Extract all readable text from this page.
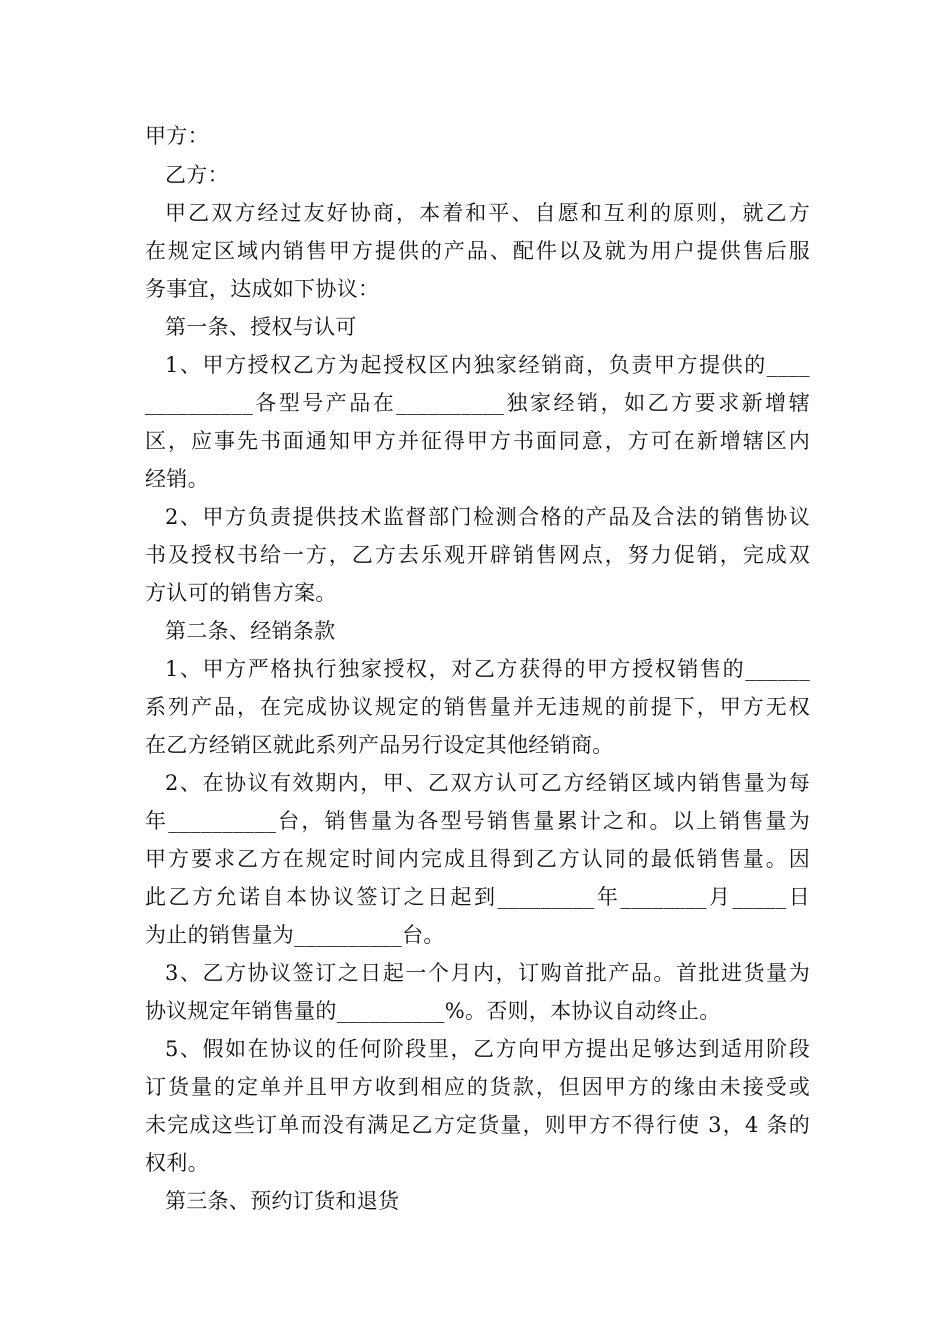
甲方：
乙方：
甲乙双方经过友好协商，本着和平、自愿和互利的原则，就乙方
在规定区域内销售甲方提供的产品、配件以及就为用户提供售后服
务事宜，达成如下协议：
第一条、授权与认可
1、甲方授权乙方为起授权区内独家经销商，负责甲方提供的____
__________各型号产品在__________独家经销，如乙方要求新增辖
区，应事先书面通知甲方并征得甲方书面同意，方可在新增辖区内
经销。
2、甲方负责提供技术监督部门检测合格的产品及合法的销售协议
书及授权书给一方，乙方去乐观开辟销售网点，努力促销，完成双
方认可的销售方案。
第二条、经销条款
1、甲方严格执行独家授权，对乙方获得的甲方授权销售的______
系列产品，在完成协议规定的销售量并无违规的前提下，甲方无权
在乙方经销区就此系列产品另行设定其他经销商。
2、在协议有效期内，甲、乙双方认可乙方经销区域内销售量为每
年__________台，销售量为各型号销售量累计之和。以上销售量为
甲方要求乙方在规定时间内完成且得到乙方认同的最低销售量。因
此乙方允诺自本协议签订之日起到_________年________月_____日
为止的销售量为__________台。
3、乙方协议签订之日起一个月内，订购首批产品。首批进货量为
协议规定年销售量的__________%。否则，本协议自动终止。
5、假如在协议的任何阶段里，乙方向甲方提出足够达到适用阶段
订货量的定单并且甲方收到相应的货款，但因甲方的缘由未接受或
未完成这些订单而没有满足乙方定货量，则甲方不得行使 3，4 条的
权利。
第三条、预约订货和退货
